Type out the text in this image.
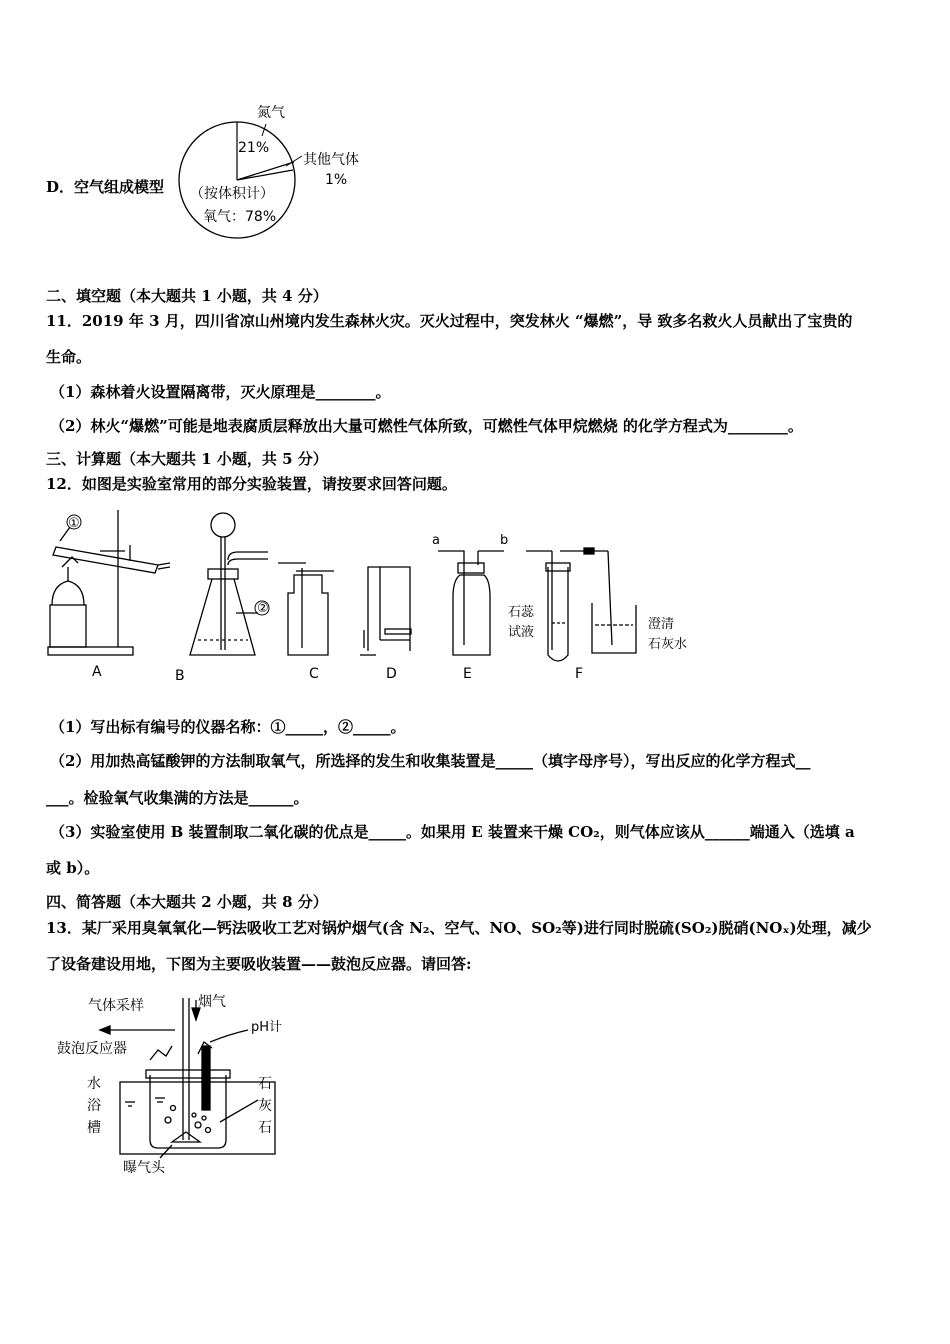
D．空气组成模型
氮气
21%
其他气体
1%
（按体积计）
氧气：78%
二、填空题（本大题共 1 小题，共 4 分）
11．2019 年 3 月，四川省凉山州境内发生森林火灾。灭火过程中，突发林火 “爆燃”，导 致多名救火人员献出了宝贵的
生命。
（1）森林着火设置隔离带，灭火原理是________。
（2）林火“爆燃”可能是地表腐质层释放出大量可燃性气体所致，可燃性气体甲烷燃烧 的化学方程式为________。
三、计算题（本大题共 1 小题，共 5 分）
12．如图是实验室常用的部分实验装置，请按要求回答问题。
①
②
A	B	C	D	E	F
a	b
石蕊
试液
澄清
石灰水
（1）写出标有编号的仪器名称：①_____，②_____。
（2）用加热高锰酸钾的方法制取氧气，所选择的发生和收集装置是_____（填字母序号），写出反应的化学方程式__
___。检验氧气收集满的方法是______。
（3）实验室使用 B 装置制取二氧化碳的优点是_____。如果用 E 装置来干燥 CO₂，则气体应该从______端通入（选填 a
或 b）。
四、简答题（本大题共 2 小题，共 8 分）
13．某厂采用臭氧氧化—钙法吸收工艺对锅炉烟气(含 N₂、空气、NO、SO₂等)进行同时脱硫(SO₂)脱硝(NOₓ)处理，减少
了设备建设用地，下图为主要吸收装置——鼓泡反应器。请回答:
气体采样	烟气
pH计
鼓泡反应器
水
浴
槽
石
灰
石
曝气头
